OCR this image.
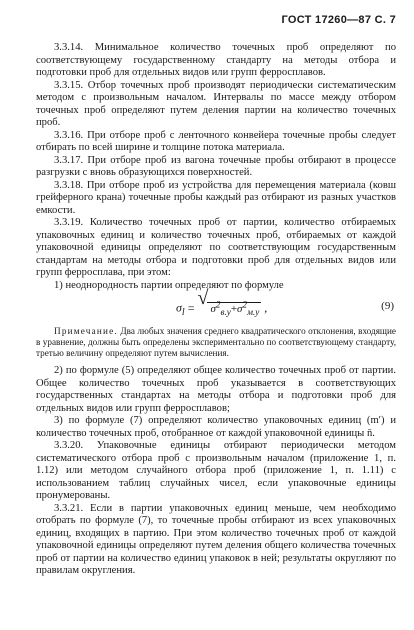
ГОСТ 17260—87 С. 7

3.3.14. Минимальное количество точечных проб определяют по соответствующему государственному стандарту на методы отбора и подготовки проб для отдельных видов или групп ферросплавов.

3.3.15. Отбор точечных проб производят периодически систематическим методом с произвольным началом. Интервалы по массе между отбором точечных проб определяют путем деления партии на количество точечных проб.

3.3.16. При отборе проб с ленточного конвейера точечные пробы следует отбирать по всей ширине и толщине потока материала.

3.3.17. При отборе проб из вагона точечные пробы отбирают в процессе разгрузки с вновь образующихся поверхностей.

3.3.18. При отборе проб из устройства для перемещения материала (ковш грейферного крана) точечные пробы каждый раз отбирают из разных участков емкости.

3.3.19. Количество точечных проб от партии, количество отбираемых упаковочных единиц и количество точечных проб, отбираемых от каждой упаковочной единицы определяют по соответствующим государственным стандартам на методы отбора и подготовки проб для отдельных видов или групп ферросплава, при этом:

1) неоднородность партии определяют по формуле

$\sigma_l$ = √ $\sigma^2_{в.у}+\sigma^2_{м.у}$ ,	(9)

Примечание. Два любых значения среднего квадратического отклонения, входящие в уравнение, должны быть определены экспериментально по соответствующему стандарту, третью величину определяют путем вычисления.

2) по формуле (5) определяют общее количество точечных проб от партии. Общее количество точечных проб указывается в соответствующих государственных стандартах на методы отбора и подготовки проб для отдельных видов или групп ферросплавов;

3) по формуле (7) определяют количество упаковочных единиц (m′) и количество точечных проб, отобранное от каждой упаковочной единицы n̄.

3.3.20. Упаковочные единицы отбирают периодически методом систематического отбора проб с произвольным началом (приложение 1, п. 1.12) или методом случайного отбора проб (приложение 1, п. 1.11) с использованием таблиц случайных чисел, если упаковочные единицы пронумерованы.

3.3.21. Если в партии упаковочных единиц меньше, чем необходимо отобрать по формуле (7), то точечные пробы отбирают из всех упаковочных единиц, входящих в партию. При этом количество точечных проб от каждой упаковочной единицы определяют путем деления общего количества точечных проб от партии на количество единиц упаковок в ней; результаты округляют по правилам округления.
